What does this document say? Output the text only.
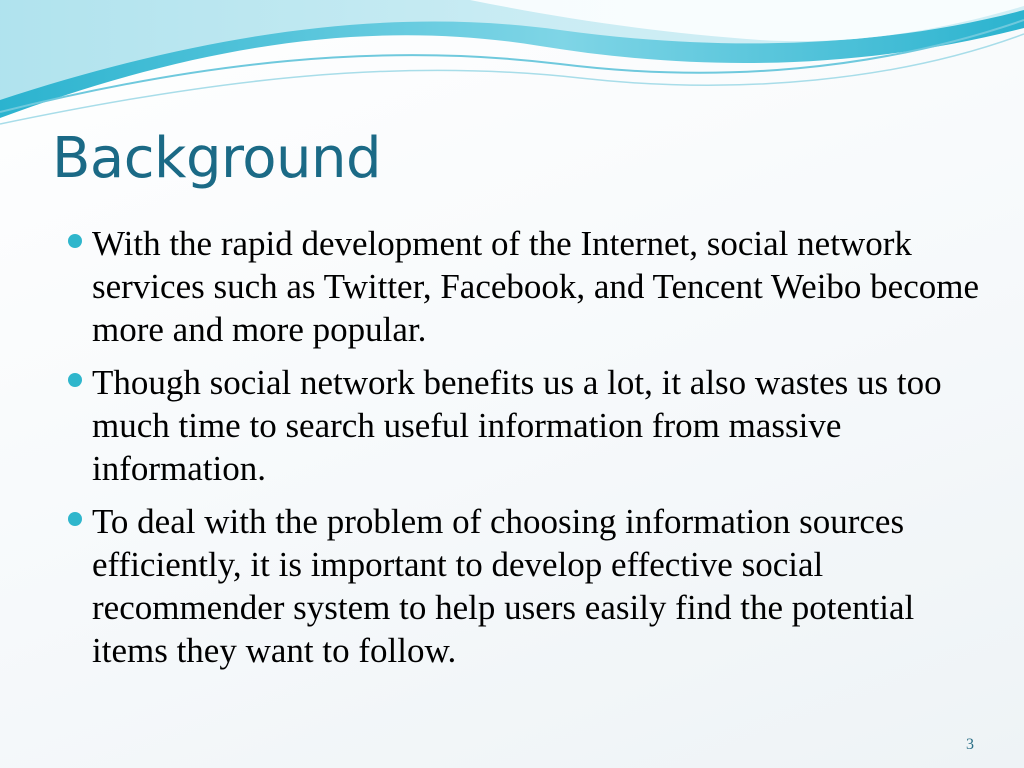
Background
With the rapid development of the Internet, social network services such as Twitter, Facebook, and Tencent Weibo become more and more popular.
Though social network benefits us a lot, it also wastes us too much time to search useful information from massive information.
To deal with the problem of choosing information sources efficiently, it is important to develop effective social recommender system to help users easily find the potential items they want to follow.
3
